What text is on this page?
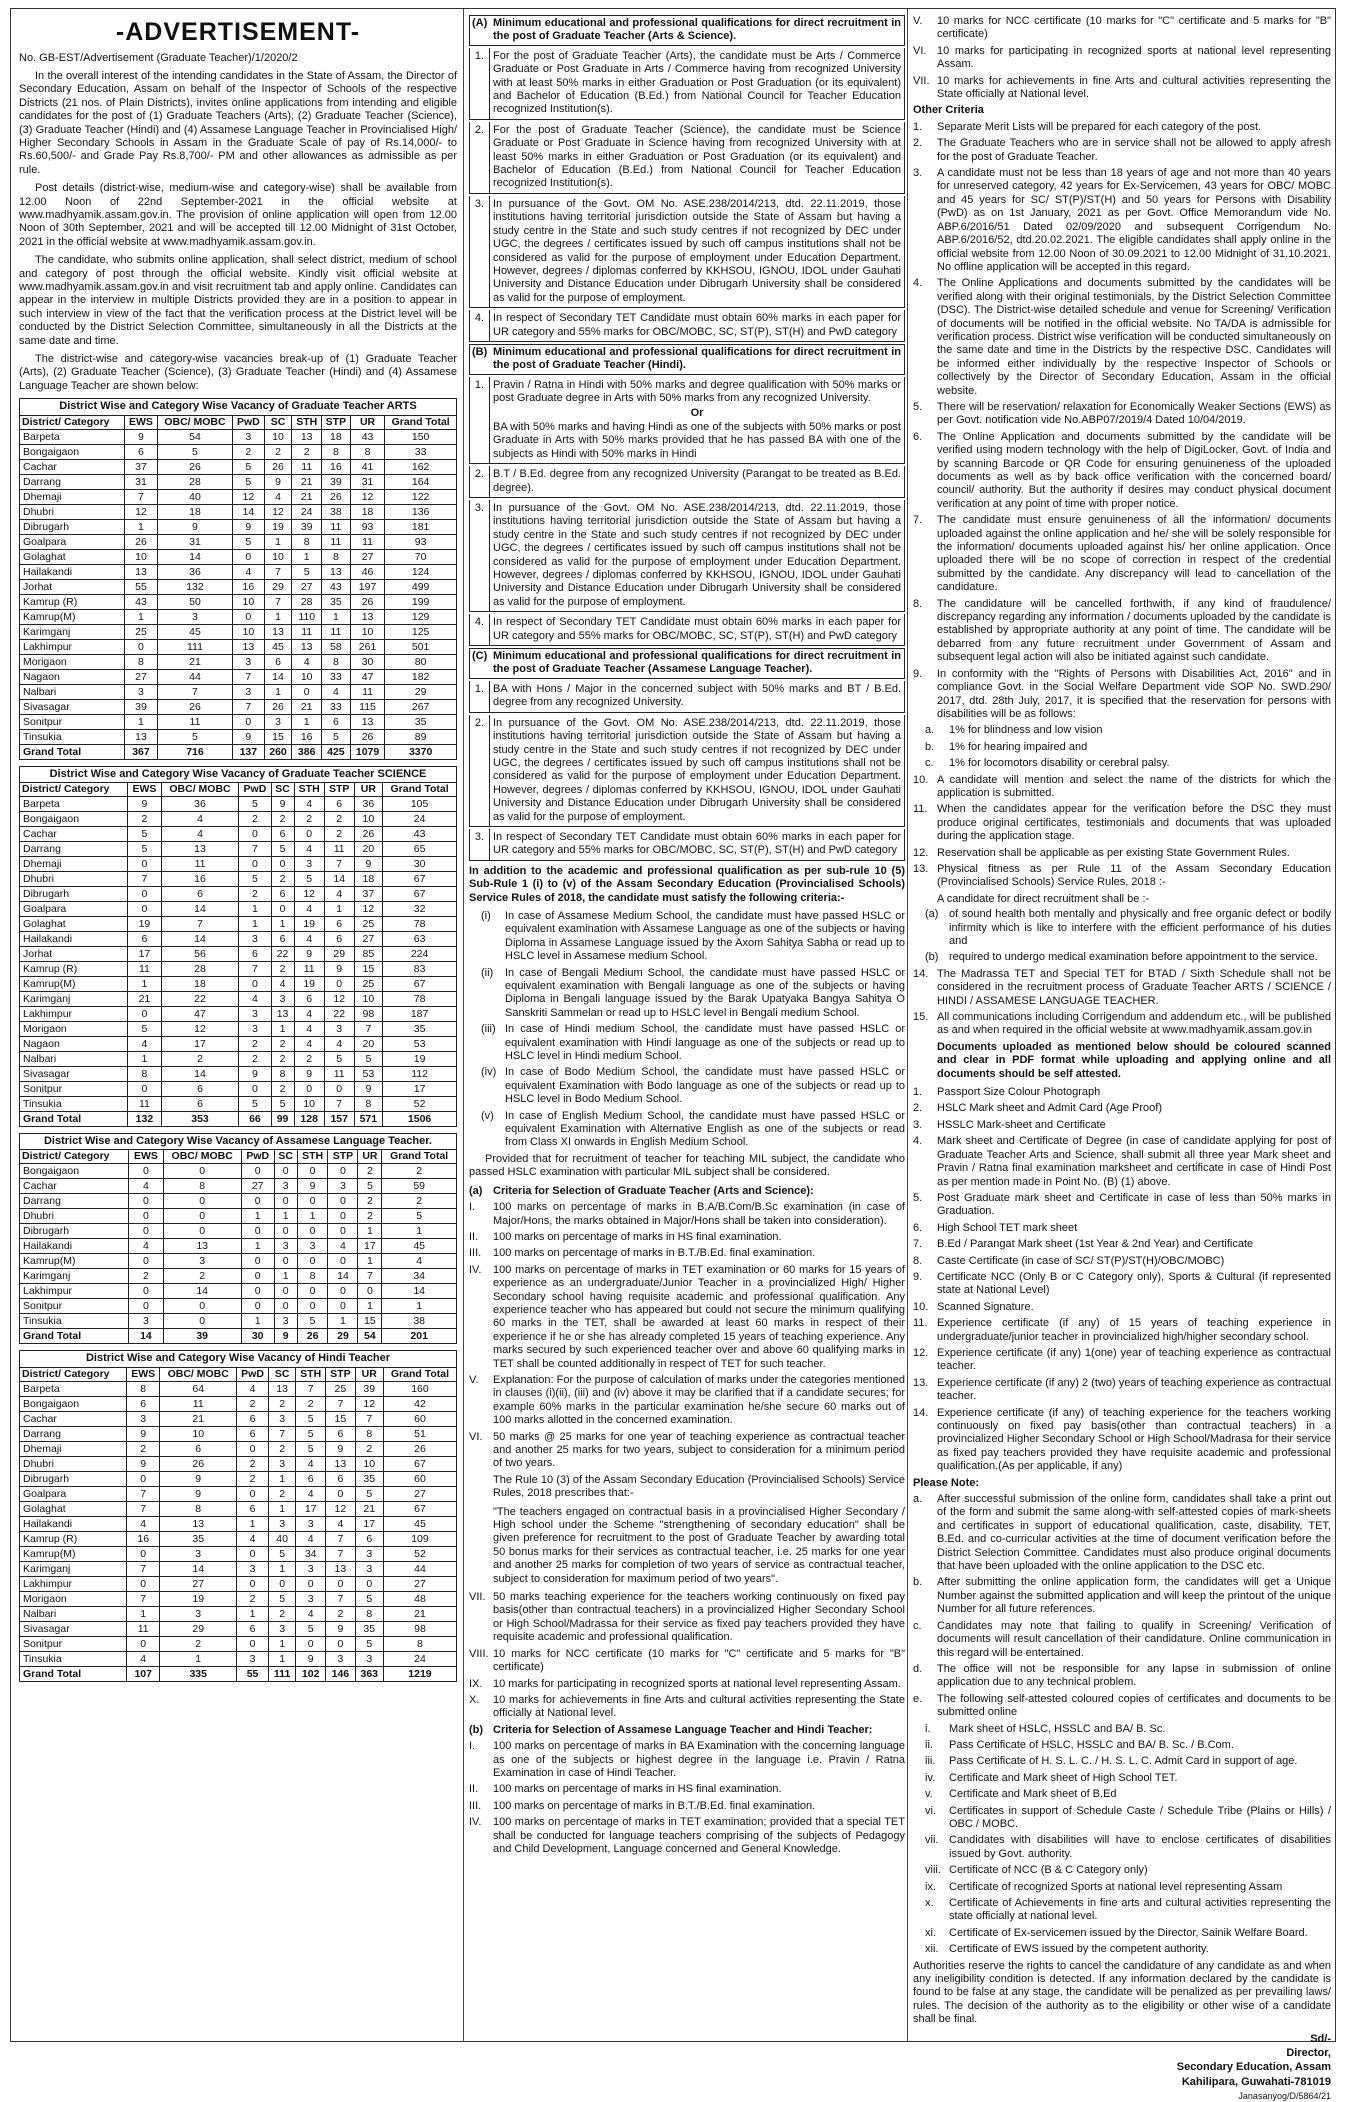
-ADVERTISEMENT-

No. GB-EST/Advertisement (Graduate Teacher)/1/2020/2

In the overall interest of the intending candidates in the State of Assam, the Director of Secondary Education, Assam on behalf of the Inspector of Schools of the respective Districts (21 nos. of Plain Districts), invites online applications from intending and eligible candidates for the post of (1) Graduate Teachers (Arts), (2) Graduate Teacher (Science), (3) Graduate Teacher (Hindi) and (4) Assamese Language Teacher in Provincialised High/ Higher Secondary Schools in Assam in the Graduate Scale of pay of Rs.14,000/- to Rs.60,500/- and Grade Pay Rs.8,700/- PM and other allowances as admissible as per rule.

Post details (district-wise, medium-wise and category-wise) shall be available from 12.00 Noon of 22nd September-2021 in the official website at www.madhyamik.assam.gov.in. The provision of online application will open from 12.00 Noon of 30th September, 2021 and will be accepted till 12.00 Midnight of 31st October, 2021 in the official website at www.madhyamik.assam.gov.in.

The candidate, who submits online application, shall select district, medium of school and category of post through the official website. Kindly visit official website at www.madhyamik.assam.gov.in and visit recruitment tab and apply online. Candidates can appear in the interview in multiple Districts provided they are in a position to appear in such interview in view of the fact that the verification process at the District level will be conducted by the District Selection Committee, simultaneously in all the Districts at the same date and time.

The district-wise and category-wise vacancies break-up of (1) Graduate Teacher (Arts), (2) Graduate Teacher (Science), (3) Graduate Teacher (Hindi) and (4) Assamese Language Teacher are shown below:

District Wise and Category Wise Vacancy of Graduate Teacher ARTS
District/ Category	EWS	OBC/ MOBC	PwD	SC	STH	STP	UR	Grand Total
Barpeta	9	54	3	10	13	18	43	150
Bongaigaon	6	5	2	2	2	8	8	33
Cachar	37	26	5	26	11	16	41	162
Darrang	31	28	5	9	21	39	31	164
Dhemaji	7	40	12	4	21	26	12	122
Dhubri	12	18	14	12	24	38	18	136
Dibrugarh	1	9	9	19	39	11	93	181
Goalpara	26	31	5	1	8	11	11	93
Golaghat	10	14	0	10	1	8	27	70
Hailakandi	13	36	4	7	5	13	46	124
Jorhat	55	132	16	29	27	43	197	499
Kamrup (R)	43	50	10	7	28	35	26	199
Kamrup(M)	1	3	0	1	110	1	13	129
Karimganj	25	45	10	13	11	11	10	125
Lakhimpur	0	111	13	45	13	58	261	501
Morigaon	8	21	3	6	4	8	30	80
Nagaon	27	44	7	14	10	33	47	182
Nalbari	3	7	3	1	0	4	11	29
Sivasagar	39	26	7	26	21	33	115	267
Sonitpur	1	11	0	3	1	6	13	35
Tinsukia	13	5	9	15	16	5	26	89
Grand Total	367	716	137	260	386	425	1079	3370
District Wise and Category Wise Vacancy of Graduate Teacher SCIENCE
District/ Category	EWS	OBC/ MOBC	PwD	SC	STH	STP	UR	Grand Total
Barpeta	9	36	5	9	4	6	36	105
Bongaigaon	2	4	2	2	2	2	10	24
Cachar	5	4	0	6	0	2	26	43
Darrang	5	13	7	5	4	11	20	65
Dhemaji	0	11	0	0	3	7	9	30
Dhubri	7	16	5	2	5	14	18	67
Dibrugarh	0	6	2	6	12	4	37	67
Goalpara	0	14	1	0	4	1	12	32
Golaghat	19	7	1	1	19	6	25	78
Hailakandi	6	14	3	6	4	6	27	63
Jorhat	17	56	6	22	9	29	85	224
Kamrup (R)	11	28	7	2	11	9	15	83
Kamrup(M)	1	18	0	4	19	0	25	67
Karimganj	21	22	4	3	6	12	10	78
Lakhimpur	0	47	3	13	4	22	98	187
Morigaon	5	12	3	1	4	3	7	35
Nagaon	4	17	2	2	4	4	20	53
Nalbari	1	2	2	2	2	5	5	19
Sivasagar	8	14	9	8	9	11	53	112
Sonitpur	0	6	0	2	0	0	9	17
Tinsukia	11	6	5	5	10	7	8	52
Grand Total	132	353	66	99	128	157	571	1506
District Wise and Category Wise Vacancy of Assamese Language Teacher.
District/ Category	EWS	OBC/ MOBC	PwD	SC	STH	STP	UR	Grand Total
Bongaigaon	0	0	0	0	0	0	2	2
Cachar	4	8	27	3	9	3	5	59
Darrang	0	0	0	0	0	0	2	2
Dhubri	0	0	1	1	1	0	2	5
Dibrugarh	0	0	0	0	0	0	1	1
Hailakandi	4	13	1	3	3	4	17	45
Kamrup(M)	0	3	0	0	0	0	1	4
Karimganj	2	2	0	1	8	14	7	34
Lakhimpur	0	14	0	0	0	0	0	14
Sonitpur	0	0	0	0	0	0	1	1
Tinsukia	3	0	1	3	5	1	15	38
Grand Total	14	39	30	9	26	29	54	201
District Wise and Category Wise Vacancy of Hindi Teacher
District/ Category	EWS	OBC/ MOBC	PwD	SC	STH	STP	UR	Grand Total
Barpeta	8	64	4	13	7	25	39	160
Bongaigaon	6	11	2	2	2	7	12	42
Cachar	3	21	6	3	5	15	7	60
Darrang	9	10	6	7	5	6	8	51
Dhemaji	2	6	0	2	5	9	2	26
Dhubri	9	26	2	3	4	13	10	67
Dibrugarh	0	9	2	1	6	6	35	60
Goalpara	7	9	0	2	4	0	5	27
Golaghat	7	8	6	1	17	12	21	67
Hailakandi	4	13	1	3	3	4	17	45
Kamrup (R)	16	35	4	40	4	7	6	109
Kamrup(M)	0	3	0	5	34	7	3	52
Karimganj	7	14	3	1	3	13	3	44
Lakhimpur	0	27	0	0	0	0	0	27
Morigaon	7	19	2	5	3	7	5	48
Nalbari	1	3	1	2	4	2	8	21
Sivasagar	11	29	6	3	5	9	35	98
Sonitpur	0	2	0	1	0	0	5	8
Tinsukia	4	1	3	1	9	3	3	24
Grand Total	107	335	55	111	102	146	363	1219
(A) Minimum educational and professional qualifications for direct recruitment in the post of Graduate Teacher (Arts & Science).
1. For the post of Graduate Teacher (Arts), the candidate must be Arts / Commerce Graduate or Post Graduate in Arts / Commerce having from recognized University with at least 50% marks in either Graduation or Post Graduation (or its equivalent) and Bachelor of Education (B.Ed.) from National Council for Teacher Education recognized Institution(s).
2. For the post of Graduate Teacher (Science), the candidate must be Science Graduate or Post Graduate in Science having from recognized University with at least 50% marks in either Graduation or Post Graduation (or its equivalent) and Bachelor of Education (B.Ed.) from National Council for Teacher Education recognized Institution(s).
3. In pursuance of the Govt. OM No. ASE.238/2014/213, dtd. 22.11.2019, those institutions having territorial jurisdiction outside the State of Assam but having a study centre in the State and such study centres if not recognized by DEC under UGC, the degrees / certificates issued by such off campus institutions shall not be considered as valid for the purpose of employment under Education Department. However, degrees / diplomas conferred by KKHSOU, IGNOU, IDOL under Gauhati University and Distance Education under Dibrugarh University shall be considered as valid for the purpose of employment.
4. In respect of Secondary TET Candidate must obtain 60% marks in each paper for UR category and 55% marks for OBC/MOBC, SC, ST(P), ST(H) and PwD category
(B) Minimum educational and professional qualifications for direct recruitment in the post of Graduate Teacher (Hindi).
1. Pravin / Ratna in Hindi with 50% marks and degree qualification with 50% marks or post Graduate degree in Arts with 50% marks from any recognized University.
Or
BA with 50% marks and having Hindi as one of the subjects with 50% marks or post Graduate in Arts with 50% marks provided that he has passed BA with one of the subjects as Hindi with 50% marks in Hindi
2. B.T / B.Ed. degree from any recognized University (Parangat to be treated as B.Ed. degree).
3. In pursuance of the Govt. OM No. ASE.238/2014/213, dtd. 22.11.2019, those institutions having territorial jurisdiction outside the State of Assam but having a study centre in the State and such study centres if not recognized by DEC under UGC, the degrees / certificates issued by such off campus institutions shall not be considered as valid for the purpose of employment under Education Department. However, degrees / diplomas conferred by KKHSOU, IGNOU, IDOL under Gauhati University and Distance Education under Dibrugarh University shall be considered as valid for the purpose of employment.
4. In respect of Secondary TET Candidate must obtain 60% marks in each paper for UR category and 55% marks for OBC/MOBC, SC, ST(P), ST(H) and PwD category
(C) Minimum educational and professional qualifications for direct recruitment in the post of Graduate Teacher (Assamese Language Teacher).
1. BA with Hons / Major in the concerned subject with 50% marks and BT / B.Ed. degree from any recognized University.
2. In pursuance of the Govt. OM No. ASE.238/2014/213, dtd. 22.11.2019, those institutions having territorial jurisdiction outside the State of Assam but having a study centre in the State and such study centres if not recognized by DEC under UGC, the degrees / certificates issued by such off campus institutions shall not be considered as valid for the purpose of employment under Education Department. However, degrees / diplomas conferred by KKHSOU, IGNOU, IDOL under Gauhati University and Distance Education under Dibrugarh University shall be considered as valid for the purpose of employment.
3. In respect of Secondary TET Candidate must obtain 60% marks in each paper for UR category and 55% marks for OBC/MOBC, SC, ST(P), ST(H) and PwD category

In addition to the academic and professional qualification as per sub-rule 10 (5) Sub-Rule 1 (i) to (v) of the Assam Secondary Education (Provincialised Schools) Service Rules of 2018, the candidate must satisfy the following criteria:-

(i)	In case of Assamese Medium School, the candidate must have passed HSLC or equivalent examination with Assamese Language as one of the subjects or having Diploma in Assamese Language issued by the Axom Sahitya Sabha or read up to HSLC level in Assamese medium School.
(ii)	In case of Bengali Medium School, the candidate must have passed HSLC or equivalent examination with Bengali language as one of the subjects or having Diploma in Bengali language issued by the Barak Upatyaka Bangya Sahitya O Sanskriti Sammelan or read up to HSLC level in Bengali medium School.
(iii) In case of Hindi medium School, the candidate must have passed HSLC or equivalent examination with Hindi language as one of the subjects or read up to HSLC level in Hindi medium School.
(iv) In case of Bodo Medium School, the candidate must have passed HSLC or equivalent Examination with Bodo language as one of the subjects or read up to HSLC level in Bodo Medium School.
(v)	In case of English Medium School, the candidate must have passed HSLC or equivalent Examination with Alternative English as one of the subjects or read from Class XI onwards in English Medium School.

Provided that for recruitment of teacher for teaching MIL subject, the candidate who passed HSLC examination with particular MIL subject shall be considered.

(a) Criteria for Selection of Graduate Teacher (Arts and Science):
I.	100 marks on percentage of marks in B.A/B.Com/B.Sc examination (in case of Major/Hons, the marks obtained in Major/Hons shall be taken into consideration).
II.	100 marks on percentage of marks in HS final examination.
III.	100 marks on percentage of marks in B.T./B.Ed. final examination.
IV.	100 marks on percentage of marks in TET examination or 60 marks for 15 years of experience as an undergraduate/Junior Teacher in a provincialized High/ Higher Secondary school having requisite academic and professional qualification. Any experience teacher who has appeared but could not secure the minimum qualifying 60 marks in the TET, shall be awarded at least 60 marks in respect of their experience if he or she has already completed 15 years of teaching experience. Any marks secured by such experienced teacher over and above 60 qualifying marks in TET shall be counted additionally in respect of TET for such teacher.
V.	Explanation: For the purpose of calculation of marks under the categories mentioned in clauses (i)(ii), (iii) and (iv) above it may be clarified that if a candidate secures; for example 60% marks in the particular examination he/she secure 60 marks out of 100 marks allotted in the concerned examination.
VI. 50 marks @ 25 marks for one year of teaching experience as contractual teacher and another 25 marks for two years, subject to consideration for a minimum period of two years.

The Rule 10 (3) of the Assam Secondary Education (Provincialised Schools) Service Rules, 2018 prescribes that:-

"The teachers engaged on contractual basis in a provincialised Higher Secondary / High school under the Scheme "strengthening of secondary education" shall be given preference for recruitment to the post of Graduate Teacher by awarding total 50 bonus marks for their services as contractual teacher, i.e. 25 marks for one year and another 25 marks for completion of two years of service as contractual teacher, subject to consideration for maximum period of two years".

VII. 50 marks teaching experience for the teachers working continuously on fixed pay basis(other than contractual teachers) in a provincialized Higher Secondary School or High School/Madrassa for their service as fixed pay teachers provided they have requisite academic and professional qualification.
VIII. 10 marks for NCC certificate (10 marks for "C" certificate and 5 marks for "B" certificate)
IX. 10 marks for participating in recognized sports at national level representing Assam.
X.	10 marks for achievements in fine Arts and cultural activities representing the State officially at National level.
(b) Criteria for Selection of Assamese Language Teacher and Hindi Teacher:
I.	100 marks on percentage of marks in BA Examination with the concerning language as one of the subjects or highest degree in the language i.e. Pravin / Ratna Examination in case of Hindi Teacher.
II.	100 marks on percentage of marks in HS final examination.
III.	100 marks on percentage of marks in B.T./B.Ed. final examination.
IV.	100 marks on percentage of marks in TET examination; provided that a special TET shall be conducted for language teachers comprising of the subjects of Pedagogy and Child Development, Language concerned and General Knowledge.
V.	10 marks for NCC certificate (10 marks for "C" certificate and 5 marks for "B" certificate)
VI. 10 marks for participating in recognized sports at national level representing Assam.
VII. 10 marks for achievements in fine Arts and cultural activities representing the State officially at National level.
Other Criteria
1.	Separate Merit Lists will be prepared for each category of the post.
2.	The Graduate Teachers who are in service shall not be allowed to apply afresh for the post of Graduate Teacher.
3.	A candidate must not be less than 18 years of age and not more than 40 years for unreserved category, 42 years for Ex-Servicemen, 43 years for OBC/ MOBC and 45 years for SC/ ST(P)/ST(H) and 50 years for Persons with Disability (PwD) as on 1st January, 2021 as per Govt. Office Memorandum vide No. ABP.6/2016/51 Dated 02/09/2020 and subsequent Corrigendum No. ABP.6/2016/52, dtd.20.02.2021. The eligible candidates shall apply online in the official website from 12.00 Noon of 30.09.2021 to 12.00 Midnight of 31.10.2021. No offline application will be accepted in this regard.
4.	The Online Applications and documents submitted by the candidates will be verified along with their original testimonials, by the District Selection Committee (DSC). The District-wise detailed schedule and venue for Screening/ Verification of documents will be notified in the official website. No TA/DA is admissible for verification process. District wise verification will be conducted simultaneously on the same date and time in the Districts by the respective DSC. Candidates will be informed either individually by the respective Inspector of Schools or collectively by the Director of Secondary Education, Assam in the official website.
5.	There will be reservation/ relaxation for Economically Weaker Sections (EWS) as per Govt. notification vide No.ABP07/2019/4 Dated 10/04/2019.
6.	The Online Application and documents submitted by the candidate will be verified using modern technology with the help of DigiLocker, Govt. of India and by scanning Barcode or QR Code for ensuring genuineness of the uploaded documents as well as by back office verification with the concerned board/ council/ authority. But the authority if desires may conduct physical document verification at any point of time with proper notice.
7.	The candidate must ensure genuineness of all the information/ documents uploaded against the online application and he/ she will be solely responsible for the information/ documents uploaded against his/ her online application. Once uploaded there will be no scope of correction in respect of the credential submitted by the candidate. Any discrepancy will lead to cancellation of the candidature.
8.	The candidature will be cancelled forthwith, if any kind of fraudulence/ discrepancy regarding any information / documents uploaded by the candidate is established by appropriate authority at any point of time. The candidate will be debarred from any future recruitment under Government of Assam and subsequent legal action will also be initiated against such candidate.
9.	In conformity with the "Rights of Persons with Disabilities Act, 2016" and in compliance Govt. in the Social Welfare Department vide SOP No. SWD.290/ 2017, dtd. 28th July, 2017, it is specified that the reservation for persons with disabilities will be as follows:
a.	1% for blindness and low vision
b.	1% for hearing impaired and
c.	1% for locomotors disability or cerebral palsy.
10. A candidate will mention and select the name of the districts for which the application is submitted.
11. When the candidates appear for the verification before the DSC they must produce original certificates, testimonials and documents that was uploaded during the application stage.
12. Reservation shall be applicable as per existing State Government Rules.
13. Physical fitness as per Rule 11 of the Assam Secondary Education (Provincialised Schools) Service Rules, 2018 :-

A candidate for direct recruitment shall be :-

(a) of sound health both mentally and physically and free organic defect or bodily infirmity which is like to interfere with the efficient performance of his duties and
(b) required to undergo medical examination before appointment to the service.
14. The Madrassa TET and Special TET for BTAD / Sixth Schedule shall not be considered in the recruitment process of Graduate Teacher ARTS / SCIENCE / HINDI / ASSAMESE LANGUAGE TEACHER.
15. All communications including Corrigendum and addendum etc., will be published as and when required in the official website at www.madhyamik.assam.gov.in

Documents uploaded as mentioned below should be coloured scanned and clear in PDF format while uploading and applying online and all documents should be self attested.

1.	Passport Size Colour Photograph
2.	HSLC Mark sheet and Admit Card (Age Proof)
3.	HSSLC Mark-sheet and Certificate
4.	Mark sheet and Certificate of Degree (in case of candidate applying for post of Graduate Teacher Arts and Science, shall submit all three year Mark sheet and Pravin / Ratna final examination marksheet and certificate in case of Hindi Post as per mention made in Point No. (B) (1) above.
5.	Post Graduate mark sheet and Certificate in case of less than 50% marks in Graduation.
6.	High School TET mark sheet
7.	B.Ed / Parangat Mark sheet (1st Year & 2nd Year) and Certificate
8.	Caste Certificate (in case of SC/ ST(P)/ST(H)/OBC/MOBC)
9.	Certificate NCC (Only B or C Category only), Sports & Cultural (if represented state at National Level)
10. Scanned Signature.
11. Experience certificate (if any) of 15 years of teaching experience in undergraduate/junior teacher in provincialized high/higher secondary school.
12. Experience certificate (if any) 1(one) year of teaching experience as contractual teacher.
13. Experience certificate (if any) 2 (two) years of teaching experience as contractual teacher.
14. Experience certificate (if any) of teaching experience for the teachers working continuously on fixed pay basis(other than contractual teachers) in a provincialized Higher Secondary School or High School/Madrasa for their service as fixed pay teachers provided they have requisite academic and professional qualification.(As per applicable, if any)
Please Note:
a.	After successful submission of the online form, candidates shall take a print out of the form and submit the same along-with self-attested copies of mark-sheets and certificates in support of educational qualification, caste, disability, TET, B.Ed. and co-curricular activities at the time of document verification before the District Selection Committee. Candidates must also produce original documents that have been uploaded with the online application to the DSC etc.
b.	After submitting the online application form, the candidates will get a Unique Number against the submitted application and will keep the printout of the unique Number for all future references.
c.	Candidates may note that failing to qualify in Screening/ Verification of documents will result cancellation of their candidature. Online communication in this regard will be entertained.
d.	The office will not be responsible for any lapse in submission of online application due to any technical problem.
e.	The following self-attested coloured copies of certificates and documents to be submitted online
i.	Mark sheet of HSLC, HSSLC and BA/ B. Sc.
ii.	Pass Certificate of HSLC, HSSLC and BA/ B. Sc. / B.Com.
iii.	Pass Certificate of H. S. L. C. / H. S. L. C. Admit Card in support of age.
iv.	Certificate and Mark sheet of High School TET.
v.	Certificate and Mark sheet of B.Ed
vi.	Certificates in support of Schedule Caste / Schedule Tribe (Plains or Hills) / OBC / MOBC.
vii. Candidates with disabilities will have to enclose certificates of disabilities issued by Govt. authority.
viii. Certificate of NCC (B & C Category only)
ix.	Certificate of recognized Sports at national level representing Assam
x.	Certificate of Achievements in fine arts and cultural activities representing the state officially at national level.
xi.	Certificate of Ex-servicemen issued by the Director, Sainik Welfare Board.
xii. Certificate of EWS issued by the competent authority.

Authorities reserve the rights to cancel the candidature of any candidate as and when any ineligibility condition is detected. If any information declared by the candidate is found to be false at any stage, the candidate will be penalized as per prevailing laws/ rules. The decision of the authority as to the eligibility or other wise of a candidate shall be final.

Sd/-
Director,
Secondary Education, Assam
Kahilipara, Guwahati-781019
Janasanyog/D/5864/21
